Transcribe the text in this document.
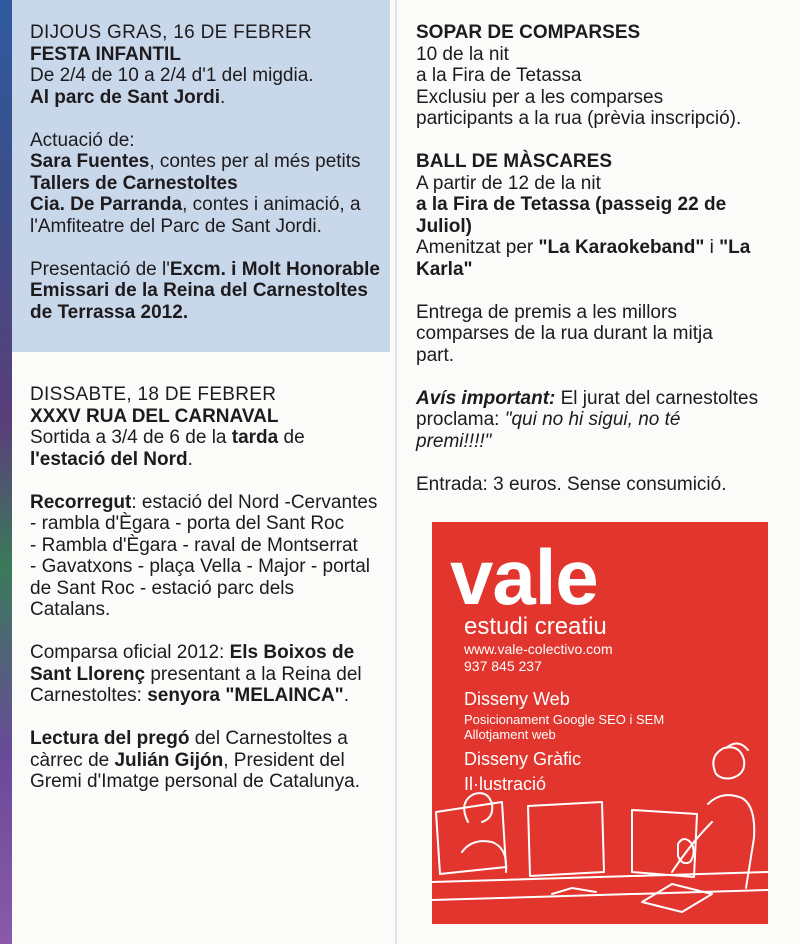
DIJOUS GRAS, 16 DE FEBRER

FESTA INFANTIL

De 2/4 de 10 a 2/4 d'1 del migdia.

Al parc de Sant Jordi.

Actuació de:

Sara Fuentes, contes per al més petits

Tallers de Carnestoltes

Cia. De Parranda, contes i animació, a

l'Amfiteatre del Parc de Sant Jordi.

Presentació de l'Excm. i Molt Honorable

Emissari de la Reina del Carnestoltes

de Terrassa 2012.

DISSABTE, 18 DE FEBRER

XXXV RUA DEL CARNAVAL

Sortida a 3/4 de 6 de la tarda de

l'estació del Nord.

Recorregut: estació del Nord -Cervantes

- rambla d'Ègara - porta del Sant Roc

- Rambla d'Ègara - raval de Montserrat

- Gavatxons - plaça Vella - Major - portal

de Sant Roc - estació parc dels

Catalans.

Comparsa oficial 2012: Els Boixos de

Sant Llorenç presentant a la Reina del

Carnestoltes: senyora "MELAINCA".

Lectura del pregó del Carnestoltes a

càrrec de Julián Gijón, President del

Gremi d'Imatge personal de Catalunya.

SOPAR DE COMPARSES

10 de la nit

a la Fira de Tetassa

Exclusiu per a les comparses

participants a la rua (prèvia inscripció).

BALL DE MÀSCARES

A partir de 12 de la nit

a la Fira de Tetassa (passeig 22 de

Juliol)

Amenitzat per "La Karaokeband" i "La

Karla"

Entrega de premis a les millors

comparses de la rua durant la mitja

part.

Avís important: El jurat del carnestoltes

proclama: "qui no hi sigui, no té

premi!!!!"

Entrada: 3 euros. Sense consumició.

vale
estudi creatiu
www.vale-colectivo.com
937 845 237
Disseny Web
Posicionament Google SEO i SEM
Allotjament web
Disseny Gràfic
Il·lustració
